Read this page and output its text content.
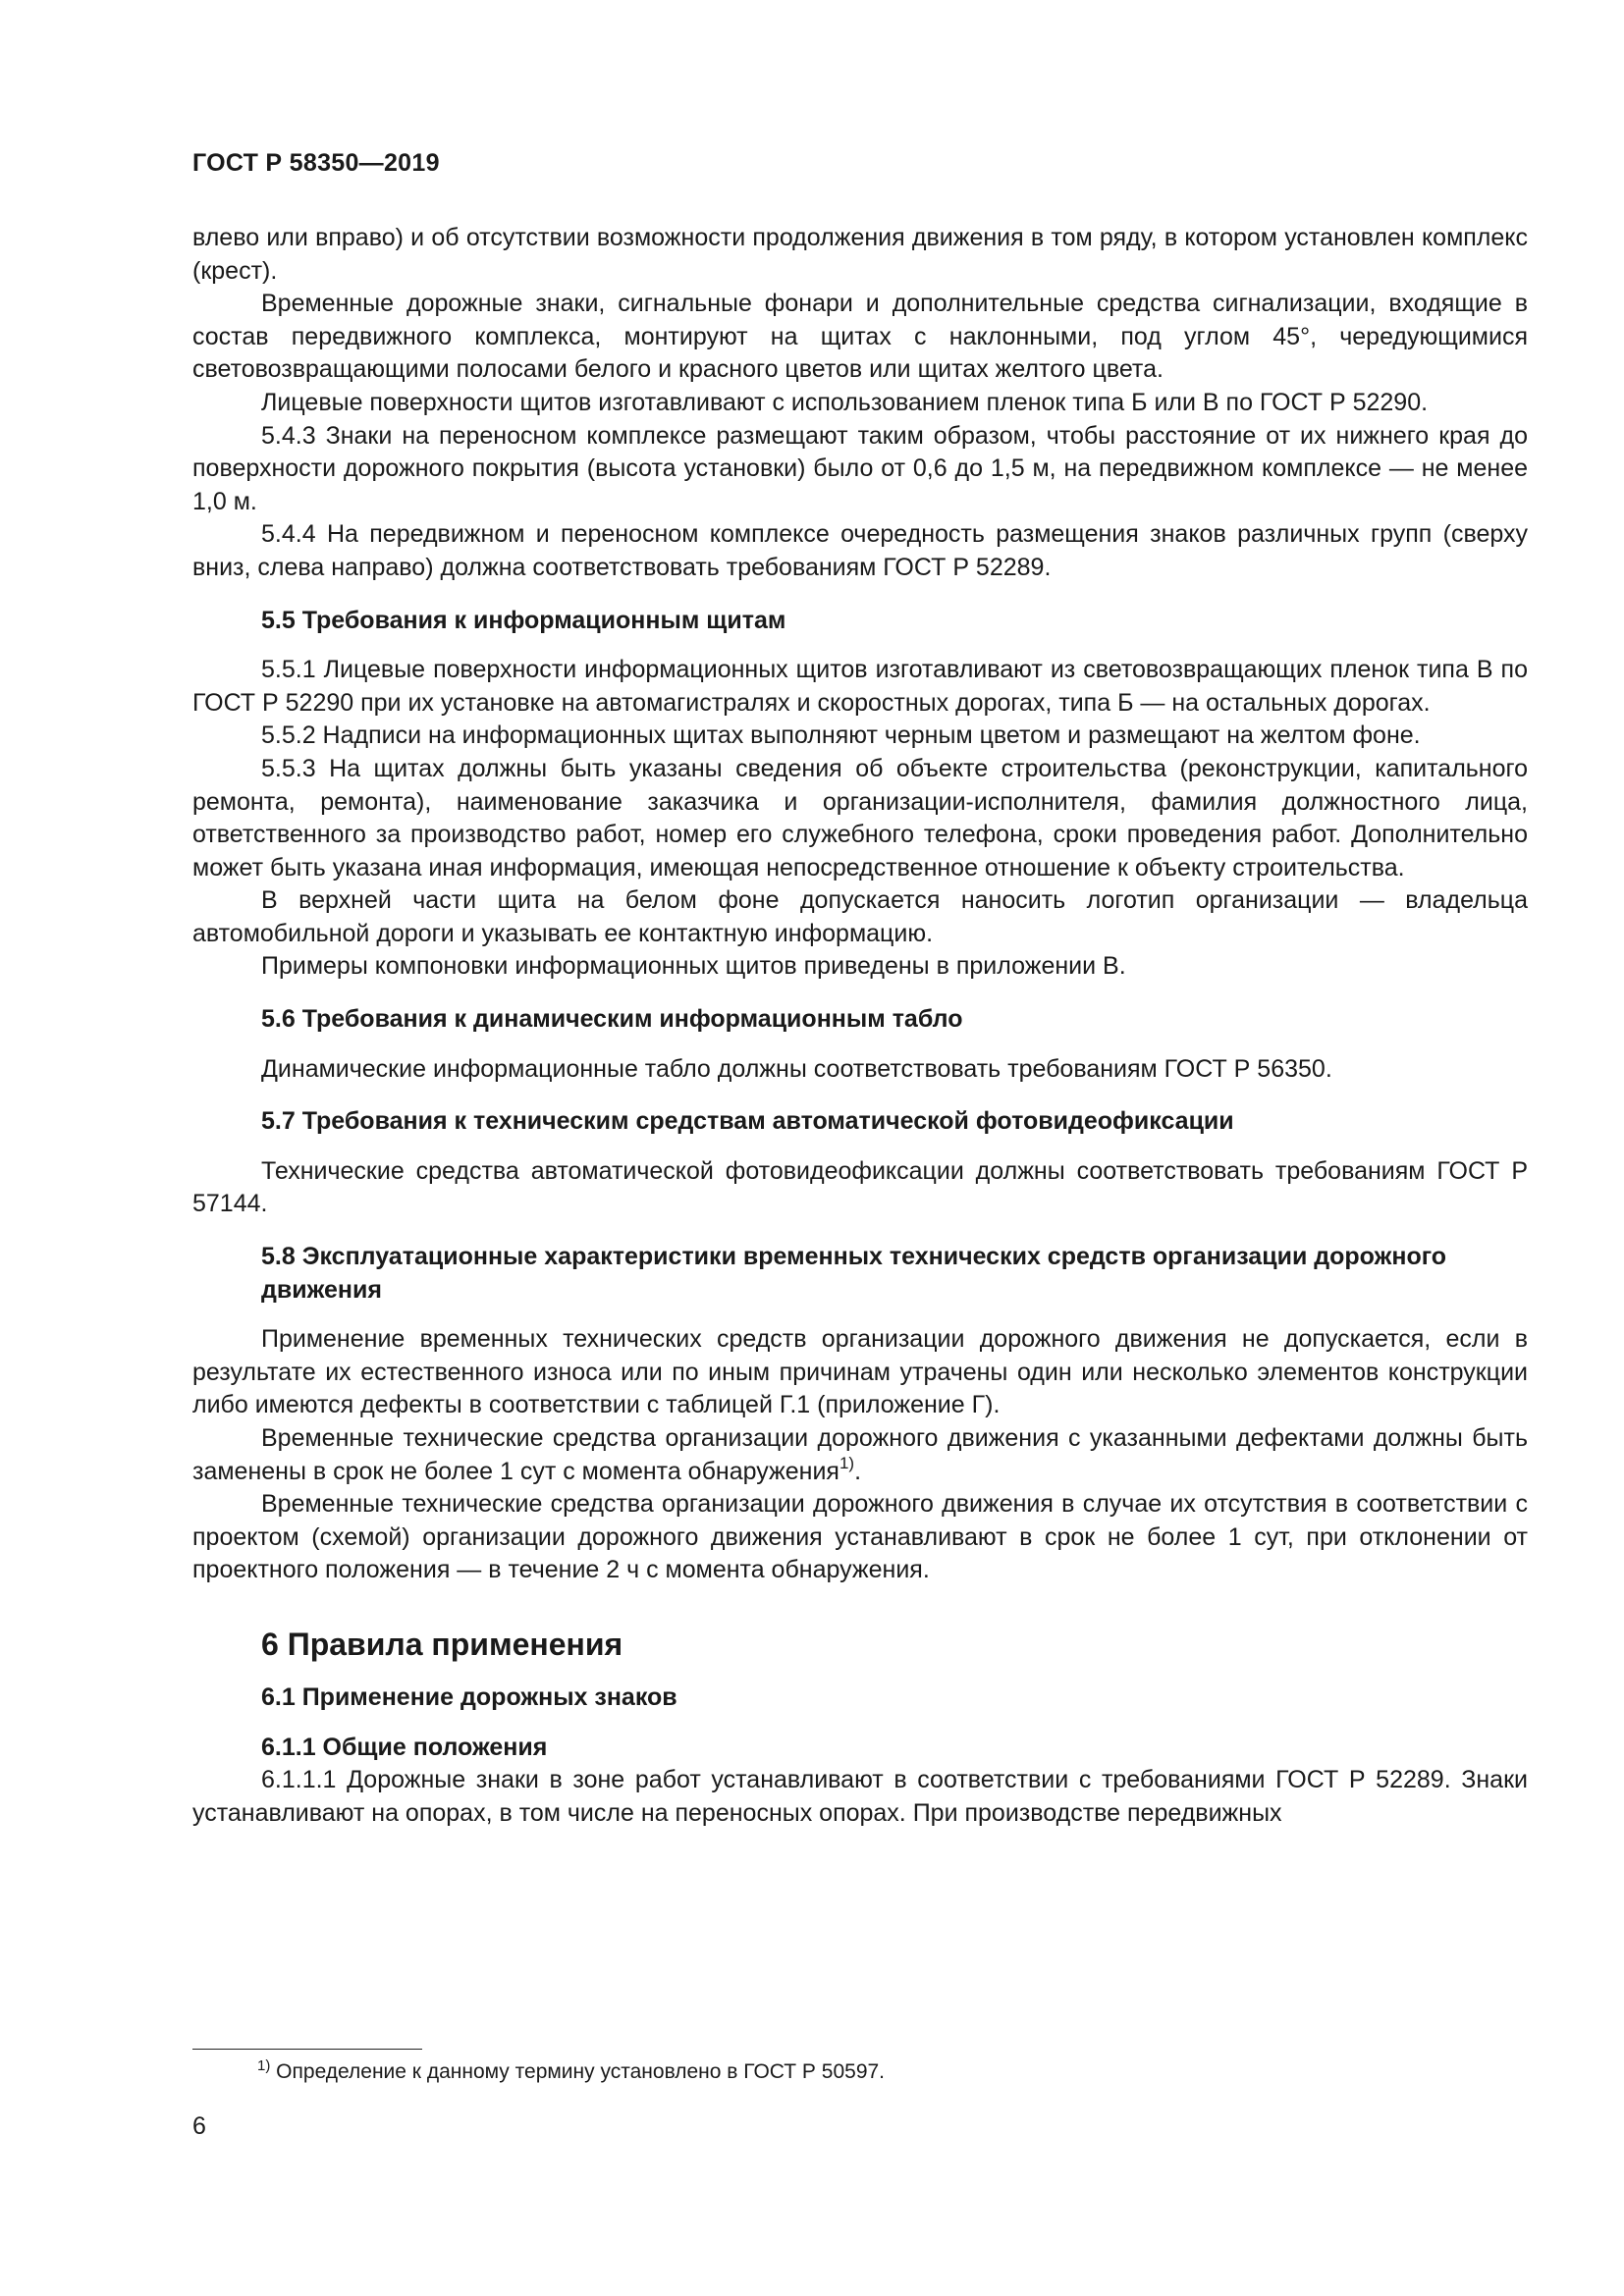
ГОСТ Р 58350—2019

влево или вправо) и об отсутствии возможности продолжения движения в том ряду, в котором установлен комплекс (крест).

Временные дорожные знаки, сигнальные фонари и дополнительные средства сигнализации, входящие в состав передвижного комплекса, монтируют на щитах с наклонными, под углом 45°, чередующимися световозвращающими полосами белого и красного цветов или щитах желтого цвета.

Лицевые поверхности щитов изготавливают с использованием пленок типа Б или В по ГОСТ Р 52290.

5.4.3 Знаки на переносном комплексе размещают таким образом, чтобы расстояние от их нижнего края до поверхности дорожного покрытия (высота установки) было от 0,6 до 1,5 м, на передвижном комплексе — не менее 1,0 м.

5.4.4 На передвижном и переносном комплексе очередность размещения знаков различных групп (сверху вниз, слева направо) должна соответствовать требованиям ГОСТ Р 52289.

5.5 Требования к информационным щитам

5.5.1 Лицевые поверхности информационных щитов изготавливают из световозвращающих пленок типа В по ГОСТ Р 52290 при их установке на автомагистралях и скоростных дорогах, типа Б — на остальных дорогах.

5.5.2 Надписи на информационных щитах выполняют черным цветом и размещают на желтом фоне.

5.5.3 На щитах должны быть указаны сведения об объекте строительства (реконструкции, капитального ремонта, ремонта), наименование заказчика и организации-исполнителя, фамилия должностного лица, ответственного за производство работ, номер его служебного телефона, сроки проведения работ. Дополнительно может быть указана иная информация, имеющая непосредственное отношение к объекту строительства.

В верхней части щита на белом фоне допускается наносить логотип организации — владельца автомобильной дороги и указывать ее контактную информацию.

Примеры компоновки информационных щитов приведены в приложении В.

5.6 Требования к динамическим информационным табло

Динамические информационные табло должны соответствовать требованиям ГОСТ Р 56350.

5.7 Требования к техническим средствам автоматической фотовидеофиксации

Технические средства автоматической фотовидеофиксации должны соответствовать требованиям ГОСТ Р 57144.

5.8 Эксплуатационные характеристики временных технических средств организации дорожного движения

Применение временных технических средств организации дорожного движения не допускается, если в результате их естественного износа или по иным причинам утрачены один или несколько элементов конструкции либо имеются дефекты в соответствии с таблицей Г.1 (приложение Г).

Временные технические средства организации дорожного движения с указанными дефектами должны быть заменены в срок не более 1 сут с момента обнаружения$^{1)}$.

Временные технические средства организации дорожного движения в случае их отсутствия в соответствии с проектом (схемой) организации дорожного движения устанавливают в срок не более 1 сут, при отклонении от проектного положения — в течение 2 ч с момента обнаружения.

6 Правила применения
6.1 Применение дорожных знаков
6.1.1 Общие положения

6.1.1.1 Дорожные знаки в зоне работ устанавливают в соответствии с требованиями ГОСТ Р 52289. Знаки устанавливают на опорах, в том числе на переносных опорах. При производстве передвижных

$^{1)}$ Определение к данному термину установлено в ГОСТ Р 50597.
6
